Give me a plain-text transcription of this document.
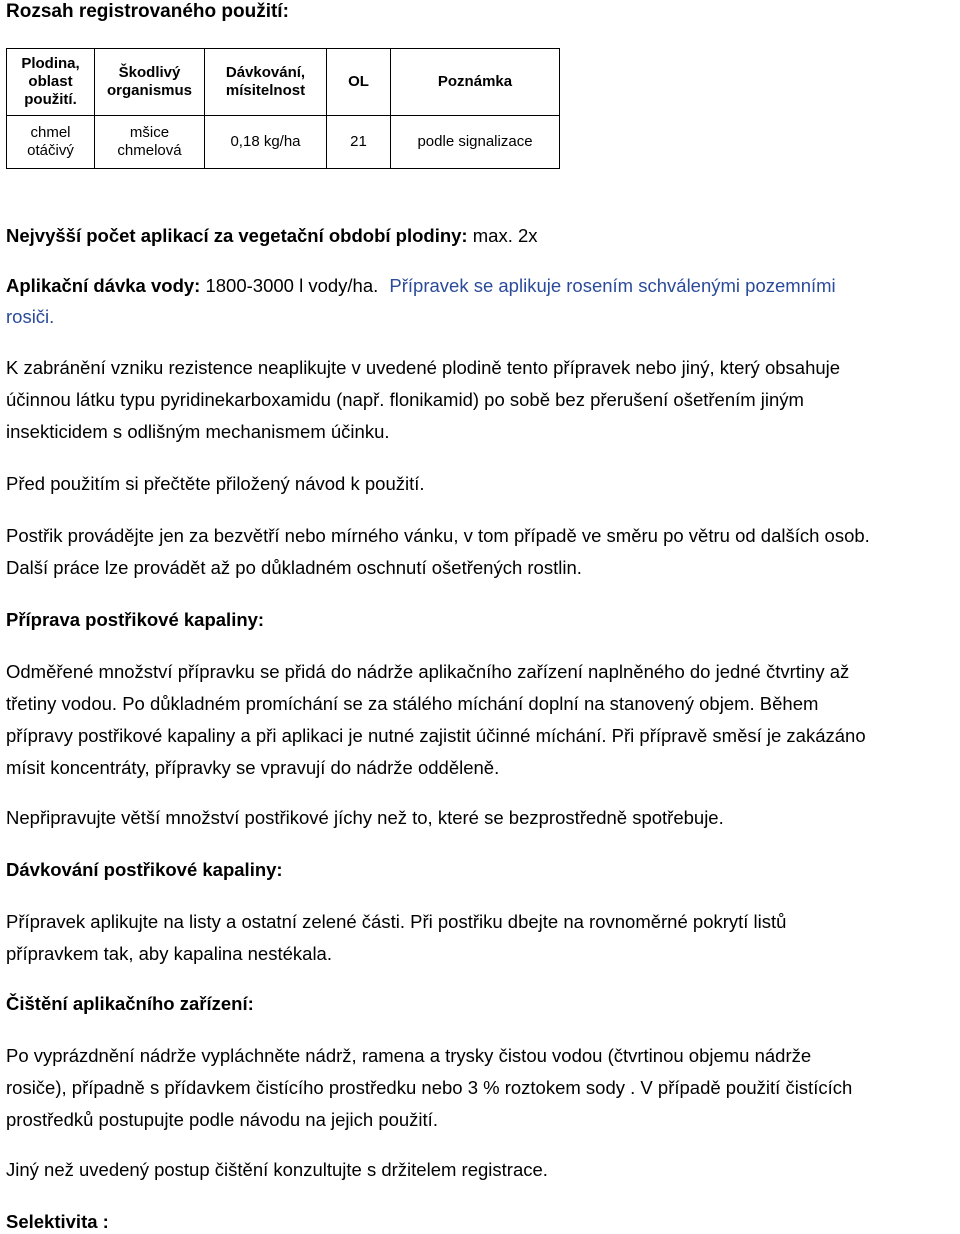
Rozsah registrovaného použití:
Plodina, oblast použití.	Škodlivý organismus	Dávkování, mísitelnost	OL	Poznámka
chmel otáčivý	mšice chmelová	0,18 kg/ha	21	podle signalizace
Nejvyšší počet aplikací za vegetační období plodiny: max. 2x
Aplikační dávka vody: 1800-3000 l vody/ha. Přípravek se aplikuje rosením schválenými pozemními
rosiči.
K zabránění vzniku rezistence neaplikujte v uvedené plodině tento přípravek nebo jiný, který obsahuje
účinnou látku typu pyridinekarboxamidu (např. flonikamid) po sobě bez přerušení ošetřením jiným
insekticidem s odlišným mechanismem účinku.
Před použitím si přečtěte přiložený návod k použití.
Postřik provádějte jen za bezvětří nebo mírného vánku, v tom případě ve směru po větru od dalších osob.
Další práce lze provádět až po důkladném oschnutí ošetřených rostlin.
Příprava postřikové kapaliny:
Odměřené množství přípravku se přidá do nádrže aplikačního zařízení naplněného do jedné čtvrtiny až
třetiny vodou. Po důkladném promíchání se za stálého míchání doplní na stanovený objem. Během
přípravy postřikové kapaliny a při aplikaci je nutné zajistit účinné míchání. Při přípravě směsí je zakázáno
mísit koncentráty, přípravky se vpravují do nádrže odděleně.
Nepřipravujte větší množství postřikové jíchy než to, které se bezprostředně spotřebuje.
Dávkování postřikové kapaliny:
Přípravek aplikujte na listy a ostatní zelené části. Při postřiku dbejte na rovnoměrné pokrytí listů
přípravkem tak, aby kapalina nestékala.
Čištění aplikačního zařízení:
Po vyprázdnění nádrže vypláchněte nádrž, ramena a trysky čistou vodou (čtvrtinou objemu nádrže
rosiče), případně s přídavkem čistícího prostředku nebo 3 % roztokem sody . V případě použití čistících
prostředků postupujte podle návodu na jejich použití.
Jiný než uvedený postup čištění konzultujte s držitelem registrace.
Selektivita :
